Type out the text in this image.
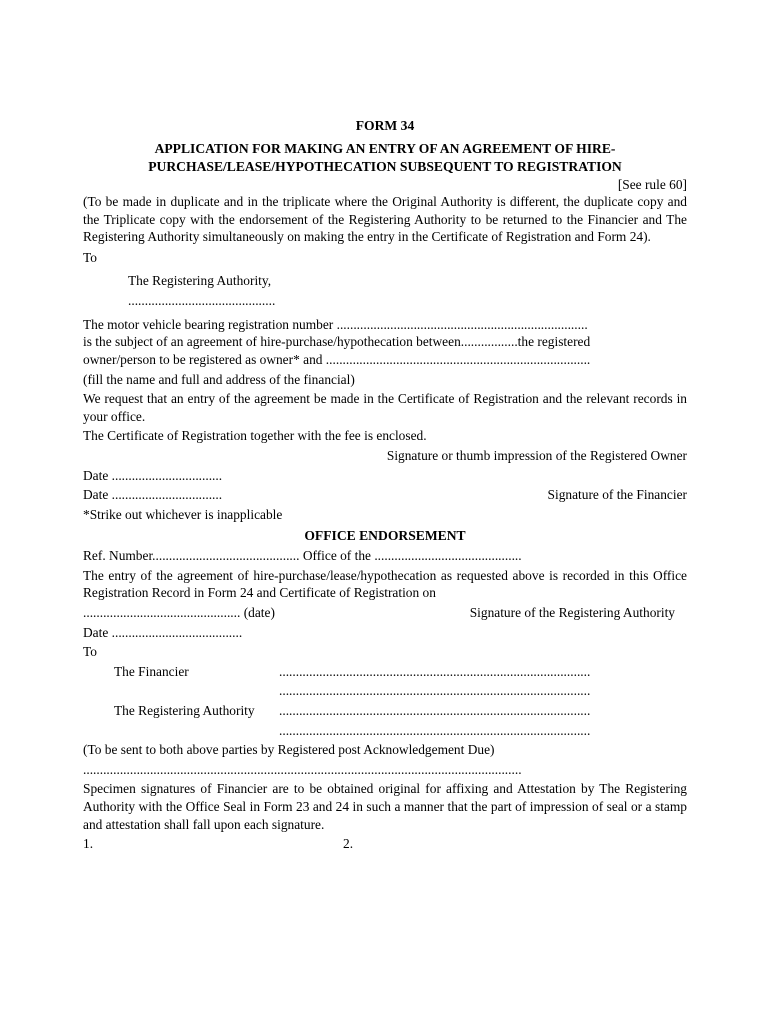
FORM 34
APPLICATION FOR MAKING AN ENTRY OF AN AGREEMENT OF HIRE-
PURCHASE/LEASE/HYPOTHECATION SUBSEQUENT TO REGISTRATION
[See rule 60]
(To be made in duplicate and in the triplicate where the Original Authority is different, the duplicate copy and the Triplicate copy with the endorsement of the Registering Authority to be returned to the Financier and The Registering Authority simultaneously on making the entry in the Certificate of Registration and Form 24).
To
The Registering Authority,
............................................
The motor vehicle bearing registration number ...........................................................................
is the subject of an agreement of hire-purchase/hypothecation between.................the registered
owner/person to be registered as owner* and ...............................................................................
(fill the name and full and address of the financial)
We request that an entry of the agreement be made in the Certificate of Registration and the relevant records in your office.
The Certificate of Registration together with the fee is enclosed.
Signature or thumb impression of the Registered Owner
Date .................................
Date .................................	Signature of the Financier
*Strike out whichever is inapplicable
OFFICE ENDORSEMENT
Ref. Number............................................ Office of the ............................................
The entry of the agreement of hire-purchase/lease/hypothecation as requested above is recorded in this Office Registration Record in Form 24 and Certificate of Registration on
............................................... (date)	Signature of the Registering Authority
Date .......................................
To
The Financier	.............................................................................................
.............................................................................................
The Registering Authority .............................................................................................
.............................................................................................
(To be sent to both above parties by Registered post Acknowledgement Due)
...................................................................................................................................
Specimen signatures of Financier are to be obtained original for affixing and Attestation by The Registering Authority with the Office Seal in Form 23 and 24 in such a manner that the part of impression of seal or a stamp and attestation shall fall upon each signature.
1.	2.
